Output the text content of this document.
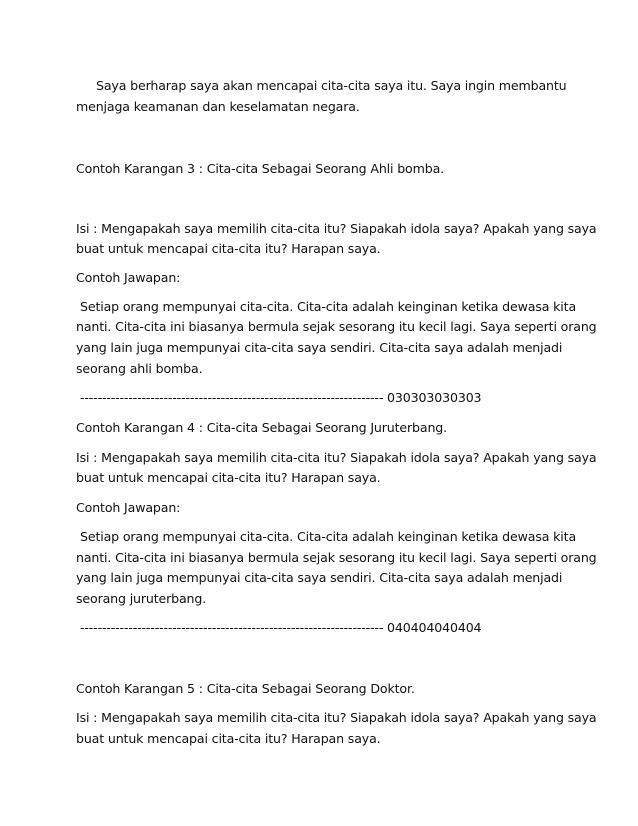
Saya berharap saya akan mencapai cita-cita saya itu. Saya ingin membantu
menjaga keamanan dan keselamatan negara.
Contoh Karangan 3 : Cita-cita Sebagai Seorang Ahli bomba.
Isi : Mengapakah saya memilih cita-cita itu? Siapakah idola saya? Apakah yang saya
buat untuk mencapai cita-cita itu? Harapan saya.
Contoh Jawapan:
Setiap orang mempunyai cita-cita. Cita-cita adalah keinginan ketika dewasa kita
nanti. Cita-cita ini biasanya bermula sejak sesorang itu kecil lagi. Saya seperti orang
yang lain juga mempunyai cita-cita saya sendiri. Cita-cita saya adalah menjadi
seorang ahli bomba.
--------------------------------------------------------------------- 030303030303
Contoh Karangan 4 : Cita-cita Sebagai Seorang Juruterbang.
Isi : Mengapakah saya memilih cita-cita itu? Siapakah idola saya? Apakah yang saya
buat untuk mencapai cita-cita itu? Harapan saya.
Contoh Jawapan:
Setiap orang mempunyai cita-cita. Cita-cita adalah keinginan ketika dewasa kita
nanti. Cita-cita ini biasanya bermula sejak sesorang itu kecil lagi. Saya seperti orang
yang lain juga mempunyai cita-cita saya sendiri. Cita-cita saya adalah menjadi
seorang juruterbang.
--------------------------------------------------------------------- 040404040404
Contoh Karangan 5 : Cita-cita Sebagai Seorang Doktor.
Isi : Mengapakah saya memilih cita-cita itu? Siapakah idola saya? Apakah yang saya
buat untuk mencapai cita-cita itu? Harapan saya.
